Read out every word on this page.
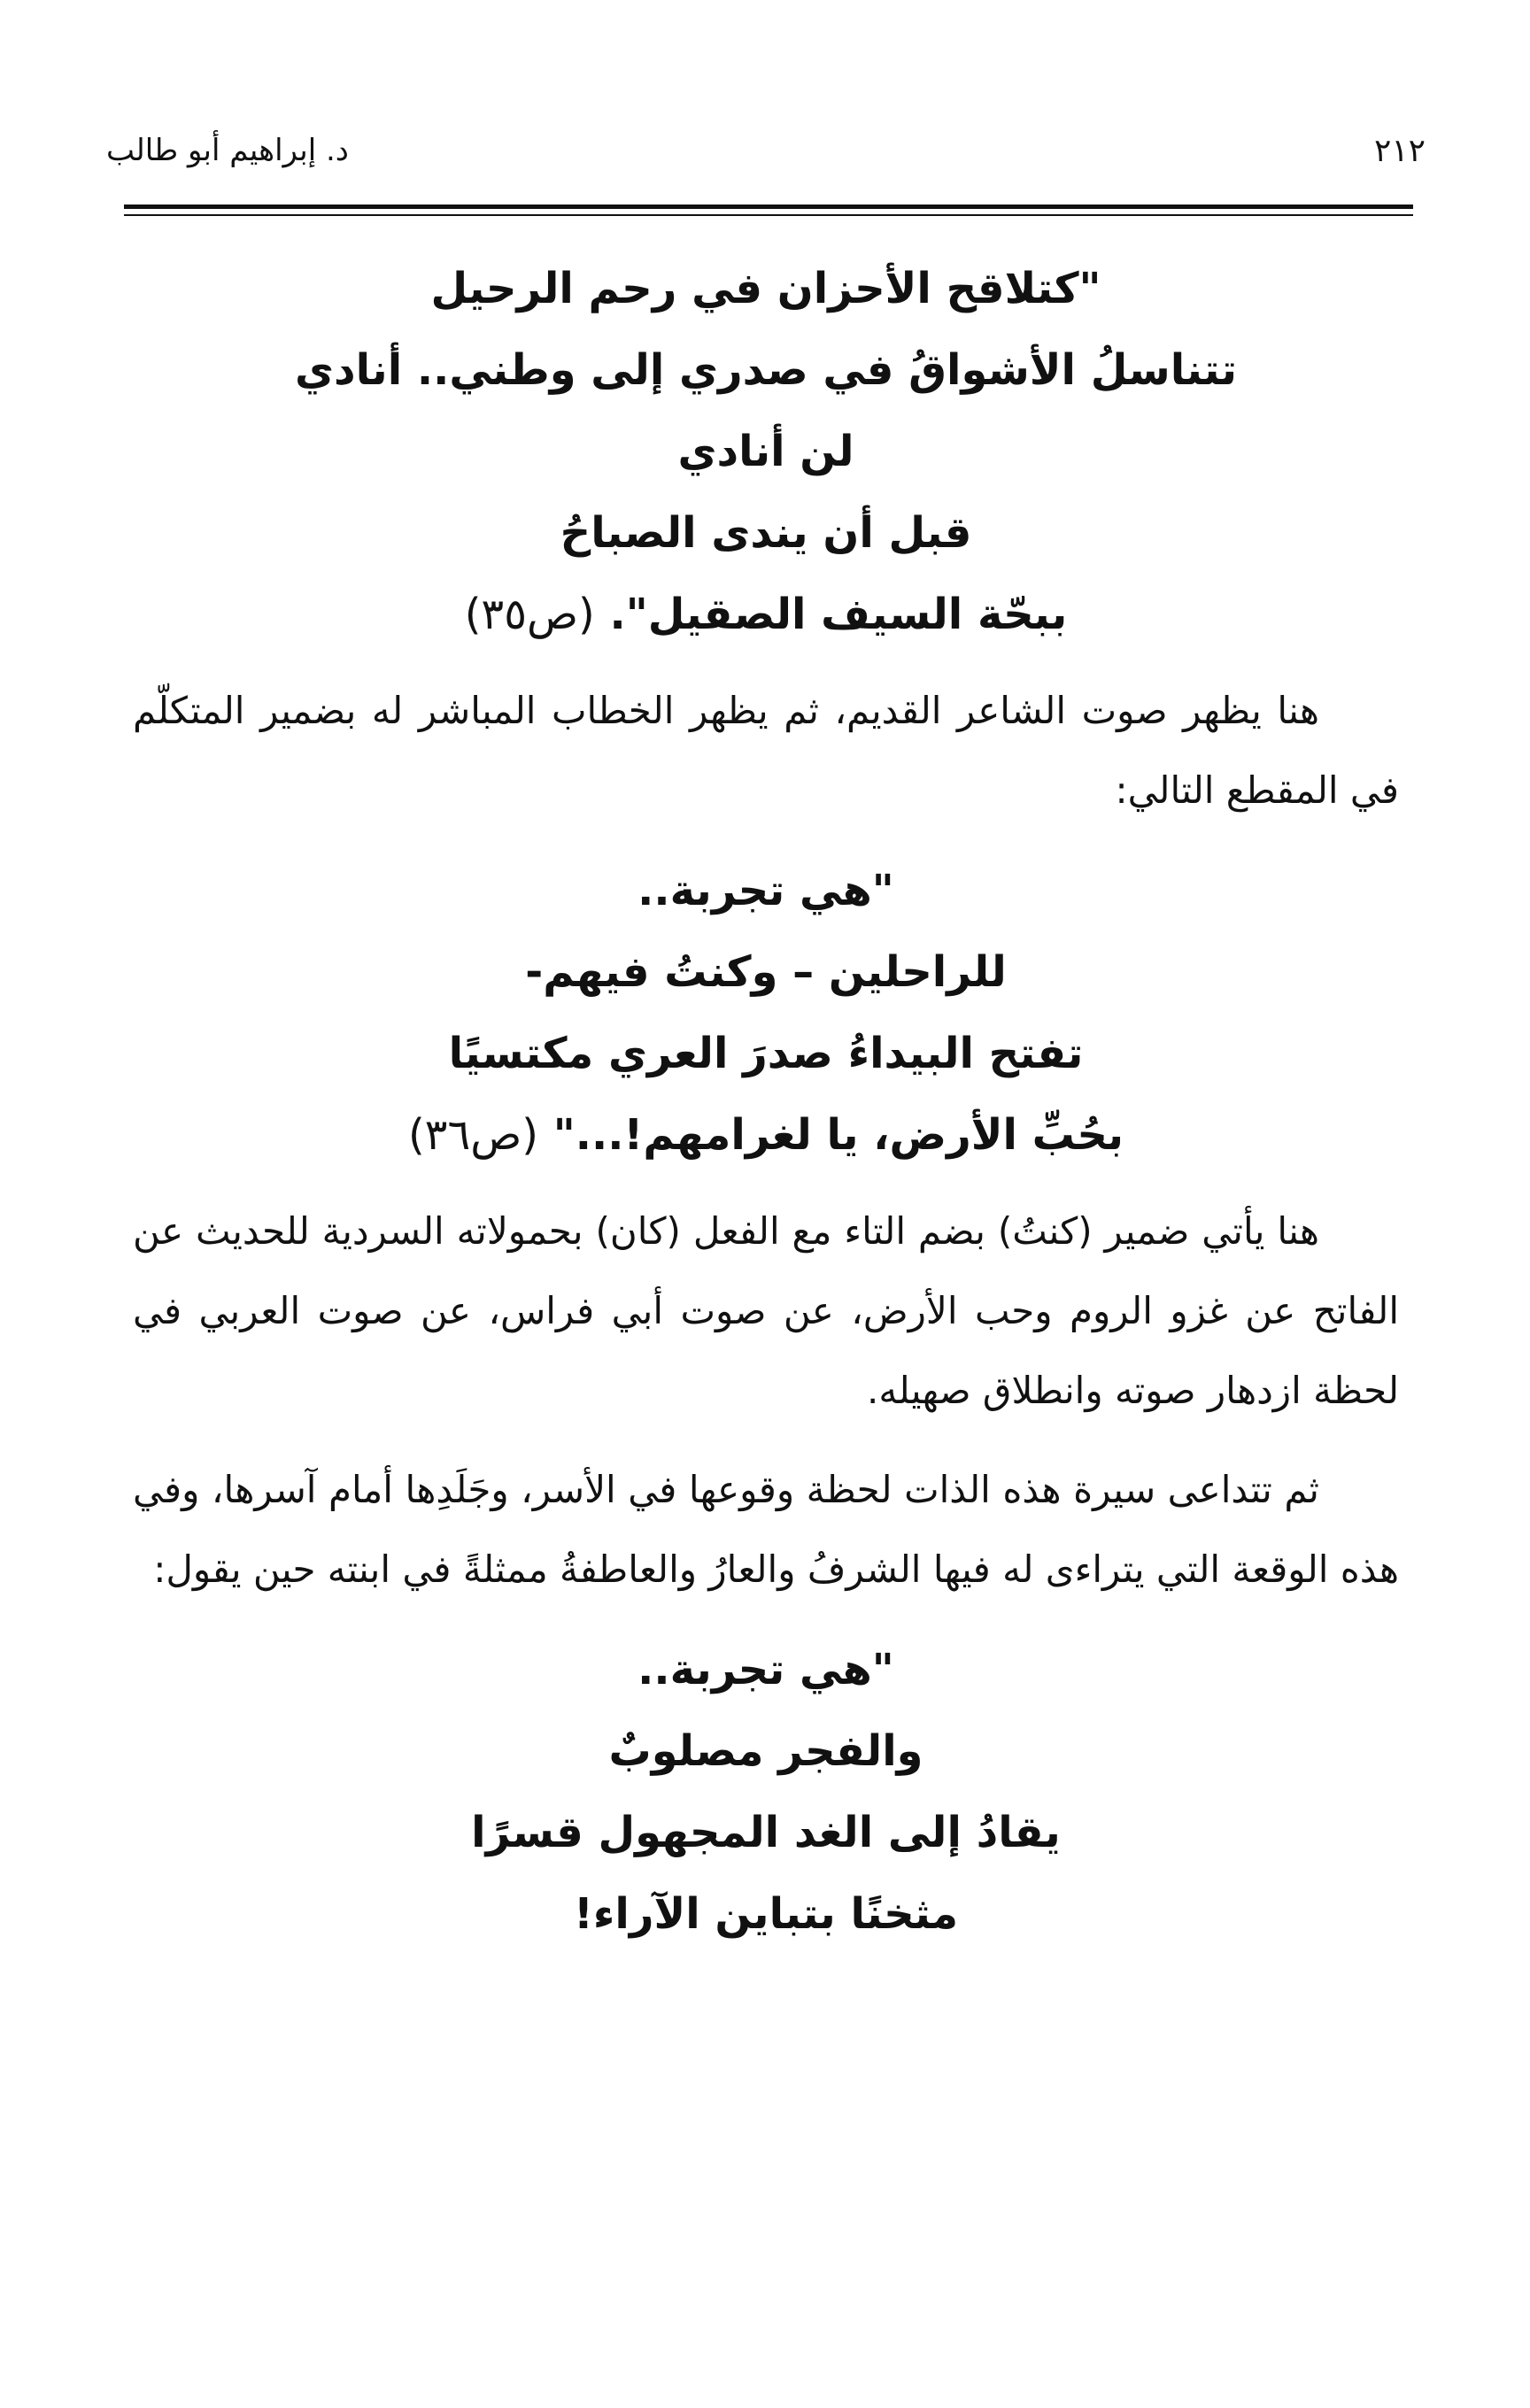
د. إبراهيم أبو طالب	٢١٢
"كتلاقح الأحزان في رحم الرحيل
تتناسلُ الأشواقُ في صدري إلى وطني.. أنادي
لن أنادي
قبل أن يندى الصباحُ
ببحّة السيف الصقيل". (ص٣٥)
هنا يظهر صوت الشاعر القديم، ثم يظهر الخطاب المباشر له بضمير المتكلّم في المقطع التالي:
"هي تجربة..
للراحلين – وكنتُ فيهم-
تفتح البيداءُ صدرَ العري مكتسيًا
بحُبِّ الأرض، يا لغرامهم!..." (ص٣٦)
هنا يأتي ضمير (كنتُ) بضم التاء مع الفعل (كان) بحمولاته السردية للحديث عن الفاتح عن غزو الروم وحب الأرض، عن صوت أبي فراس، عن صوت العربي في لحظة ازدهار صوته وانطلاق صهيله.
ثم تتداعى سيرة هذه الذات لحظة وقوعها في الأسر، وجَلَدِها أمام آسرها، وفي هذه الوقعة التي يتراءى له فيها الشرفُ والعارُ والعاطفةُ ممثلةً في ابنته حين يقول:
"هي تجربة..
والفجر مصلوبٌ
يقادُ إلى الغد المجهول قسرًا
مثخنًا بتباين الآراء!
